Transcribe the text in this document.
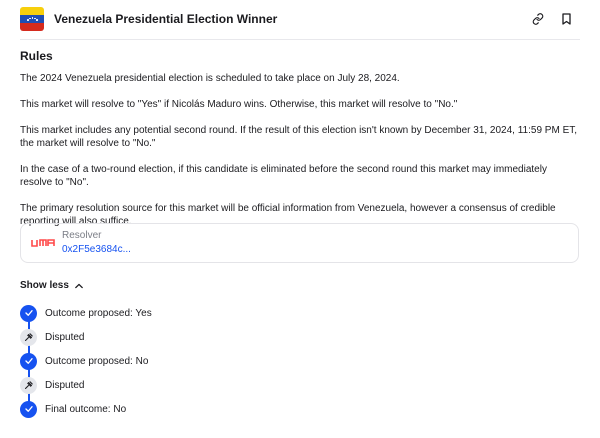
Venezuela Presidential Election Winner
Rules

The 2024 Venezuela presidential election is scheduled to take place on July 28, 2024.

This market will resolve to "Yes" if Nicolás Maduro wins. Otherwise, this market will resolve to "No."

This market includes any potential second round. If the result of this election isn't known by December 31, 2024, 11:59 PM ET, the market will resolve to "No."

In the case of a two-round election, if this candidate is eliminated before the second round this market may immediately resolve to "No".

The primary resolution source for this market will be official information from Venezuela, however a consensus of credible reporting will also suffice.

Resolver
0x2F5e3684c...
Show less
Outcome proposed: Yes
Disputed
Outcome proposed: No
Disputed
Final outcome: No
